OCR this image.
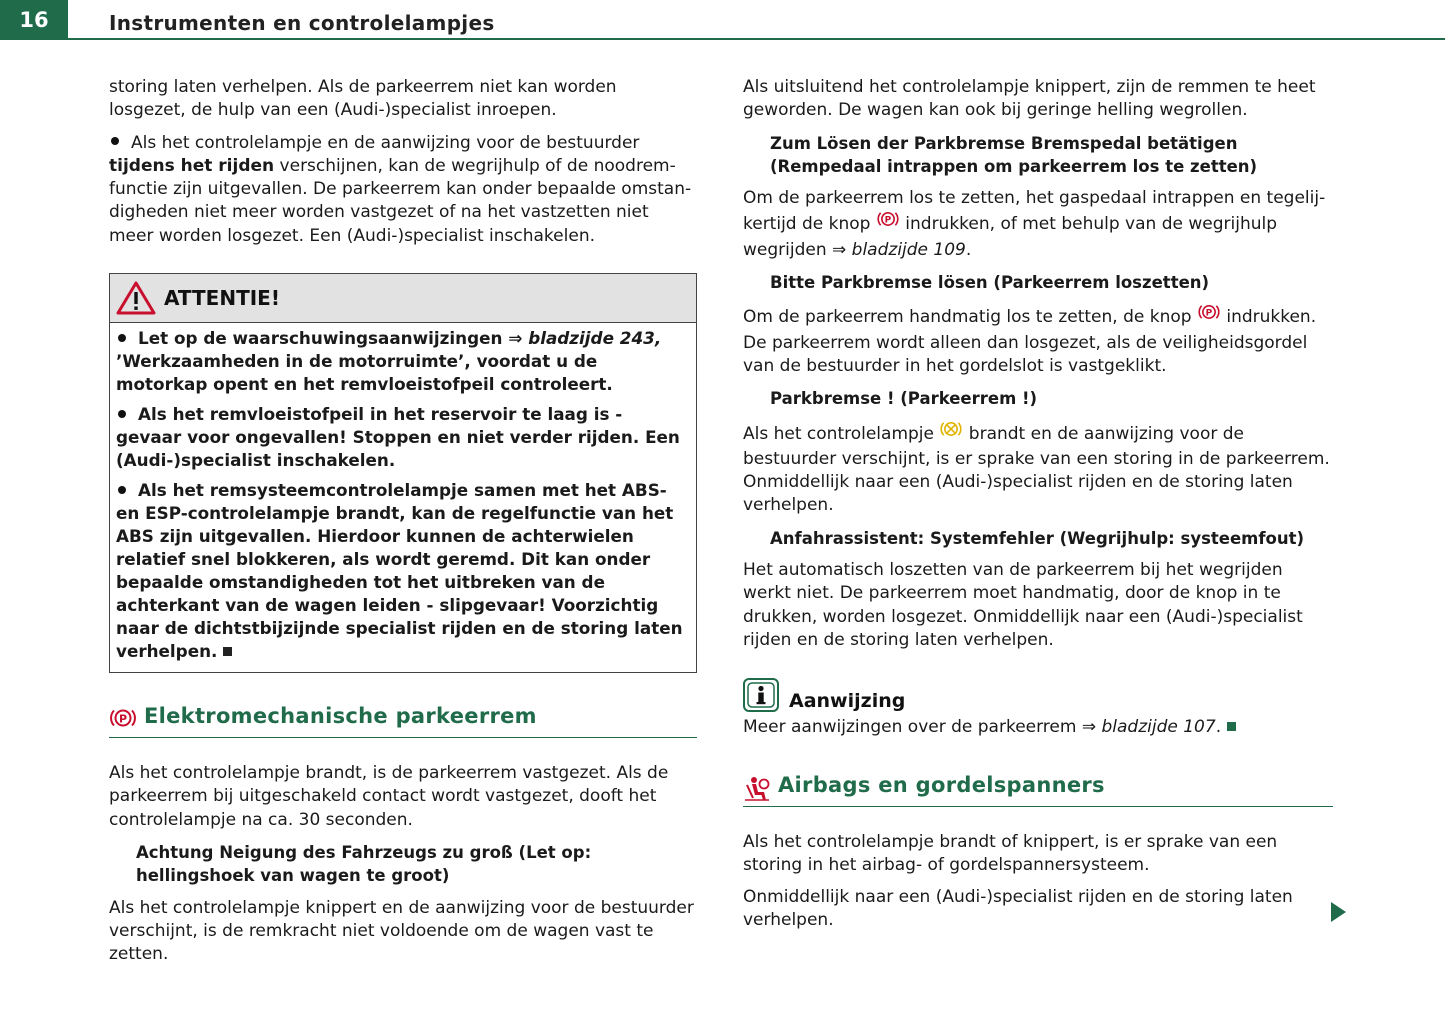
16	Instrumenten en controlelampjes

storing laten verhelpen. Als de parkeerrem niet kan worden losgezet, de hulp van een (Audi-)specialist inroepen.

Als het controlelampje en de aanwijzing voor de bestuurder tijdens het rijden verschijnen, kan de wegrijhulp of de noodremfunctie zijn uitgevallen. De parkeerrem kan onder bepaalde omstandigheden niet meer worden vastgezet of na het vastzetten niet meer worden losgezet. Een (Audi-)specialist inschakelen.

ATTENTIE!

Let op de waarschuwingsaanwijzingen ⇒ bladzijde 243, ’Werkzaamheden in de motorruimte’, voordat u de motorkap opent en het remvloeistofpeil controleert.

Als het remvloeistofpeil in het reservoir te laag is - gevaar voor ongevallen! Stoppen en niet verder rijden. Een (Audi-)specialist inschakelen.

Als het remsysteemcontrolelampje samen met het ABS- en ESP-controlelampje brandt, kan de regelfunctie van het ABS zijn uitgevallen. Hierdoor kunnen de achterwielen relatief snel blokkeren, als wordt geremd. Dit kan onder bepaalde omstandigheden tot het uitbreken van de achterkant van de wagen leiden - slipgevaar! Voorzichtig naar de dichtstbijzijnde specialist rijden en de storing laten verhelpen.

P Elektromechanische parkeerrem

Als het controlelampje brandt, is de parkeerrem vastgezet. Als de parkeerrem bij uitgeschakeld contact wordt vastgezet, dooft het controlelampje na ca. 30 seconden.

Achtung Neigung des Fahrzeugs zu groß (Let op: hellingshoek van wagen te groot)

Als het controlelampje knippert en de aanwijzing voor de bestuurder verschijnt, is de remkracht niet voldoende om de wagen vast te zetten.

Als uitsluitend het controlelampje knippert, zijn de remmen te heet geworden. De wagen kan ook bij geringe helling wegrollen.

Zum Lösen der Parkbremse Bremspedal betätigen (Rempedaal intrappen om parkeerrem los te zetten)

Om de parkeerrem los te zetten, het gaspedaal intrappen en tegelijkertijd de knop P indrukken, of met behulp van de wegrijhulp wegrijden ⇒ bladzijde 109.

Bitte Parkbremse lösen (Parkeerrem loszetten)

Om de parkeerrem handmatig los te zetten, de knop P indrukken. De parkeerrem wordt alleen dan losgezet, als de veiligheidsgordel van de bestuurder in het gordelslot is vastgeklikt.

Parkbremse ! (Parkeerrem !)

Als het controlelampje  brandt en de aanwijzing voor de bestuurder verschijnt, is er sprake van een storing in de parkeerrem. Onmiddellijk naar een (Audi-)specialist rijden en de storing laten verhelpen.

Anfahrassistent: Systemfehler (Wegrijhulp: systeemfout)

Het automatisch loszetten van de parkeerrem bij het wegrijden werkt niet. De parkeerrem moet handmatig, door de knop in te drukken, worden losgezet. Onmiddellijk naar een (Audi-)specialist rijden en de storing laten verhelpen.

Aanwijzing

Meer aanwijzingen over de parkeerrem ⇒ bladzijde 107.

Airbags en gordelspanners

Als het controlelampje brandt of knippert, is er sprake van een storing in het airbag- of gordelspannersysteem.

Onmiddellijk naar een (Audi-)specialist rijden en de storing laten verhelpen.
